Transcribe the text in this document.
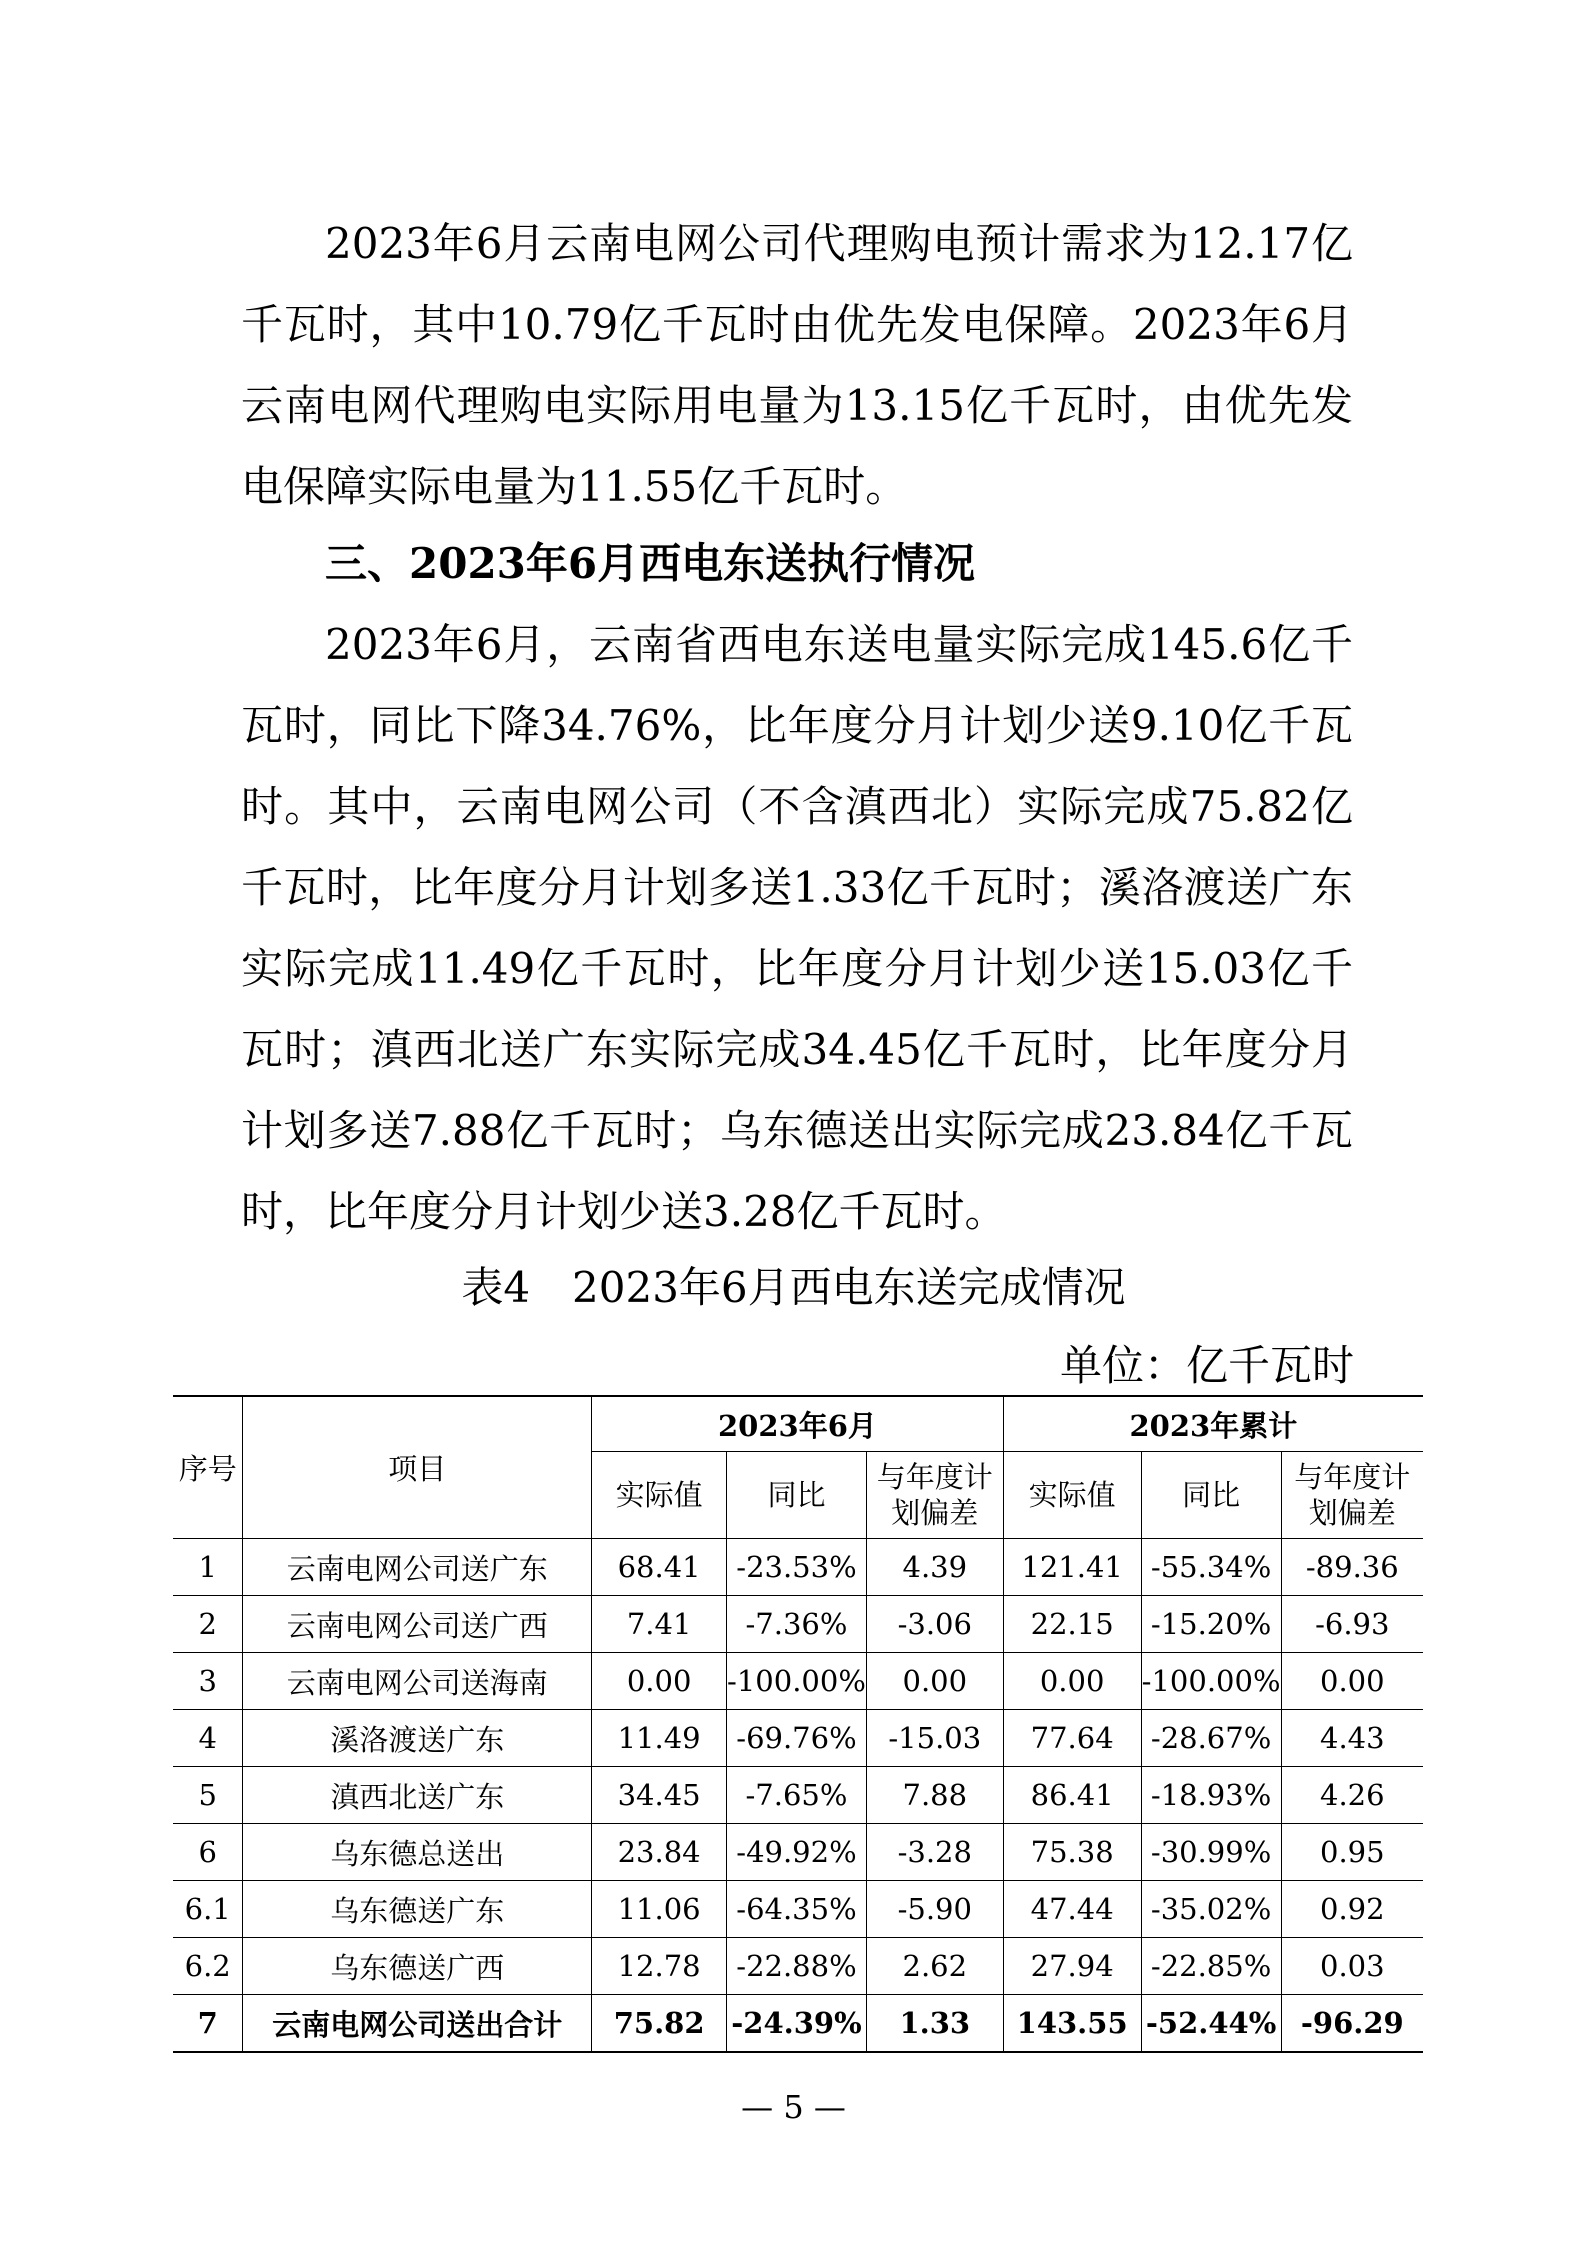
2023年6月云南电网公司代理购电预计需求为12.17亿千瓦时，其中10.79亿千瓦时由优先发电保障。2023年6月云南电网代理购电实际用电量为13.15亿千瓦时，由优先发电保障实际电量为11.55亿千瓦时。

三、2023年6月西电东送执行情况

2023年6月，云南省西电东送电量实际完成145.6亿千瓦时，同比下降34.76%，比年度分月计划少送9.10亿千瓦时。其中，云南电网公司（不含滇西北）实际完成75.82亿千瓦时，比年度分月计划多送1.33亿千瓦时；溪洛渡送广东实际完成11.49亿千瓦时，比年度分月计划少送15.03亿千瓦时；滇西北送广东实际完成34.45亿千瓦时，比年度分月计划多送7.88亿千瓦时；乌东德送出实际完成23.84亿千瓦时，比年度分月计划少送3.28亿千瓦时。

表4　2023年6月西电东送完成情况

单位：亿千瓦时

序号	项目	2023年6月			2023年累计		
		实际值	同比	与年度计划偏差	实际值	同比	与年度计划偏差
1	云南电网公司送广东	68.41	-23.53%	4.39	121.41	-55.34%	-89.36
2	云南电网公司送广西	7.41	-7.36%	-3.06	22.15	-15.20%	-6.93
3	云南电网公司送海南	0.00	-100.00%	0.00	0.00	-100.00%	0.00
4	溪洛渡送广东	11.49	-69.76%	-15.03	77.64	-28.67%	4.43
5	滇西北送广东	34.45	-7.65%	7.88	86.41	-18.93%	4.26
6	乌东德总送出	23.84	-49.92%	-3.28	75.38	-30.99%	0.95
6.1	乌东德送广东	11.06	-64.35%	-5.90	47.44	-35.02%	0.92
6.2	乌东德送广西	12.78	-22.88%	2.62	27.94	-22.85%	0.03
7	云南电网公司送出合计	75.82	-24.39%	1.33	143.55	-52.44%	-96.29

— 5 —
